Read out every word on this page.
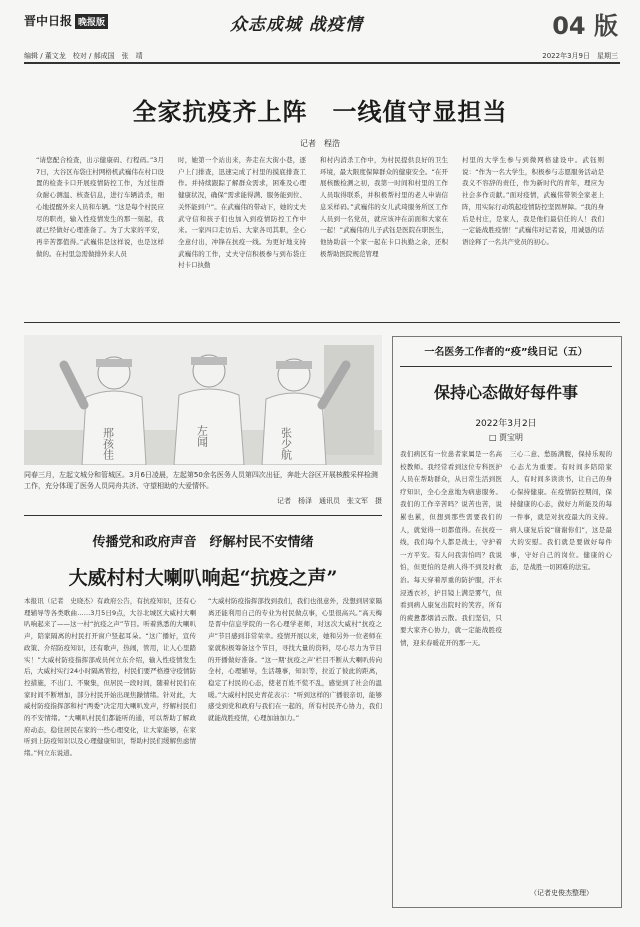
晋中日报 晚报版	众志成城 战疫情	04 版
编辑 / 董文龙　校对 / 郝成国　张　靖	2022年3月9日　星期三
全家抗疫齐上阵　一线值守显担当
记者　程浩
“请您配合检查，出示健康码、行程码。”3月7日，大谷区布袋庄村网格机武巍伟在村口设置的检查卡口开展疫情防控工作，为过往群众耐心测温、核查信息，进行车辆消杀，细心地提醒外来人员和车辆。“这是每个村民应尽的职责，输入性疫情发生的那一刻起，我就已经做好心理准备了。为了大家的平安，再辛苦都值得。”武巍伟是这样说，也是这样做的。在村里急需做排外来人员
时，她第一个站出来，奔走在大街小巷，逐户上门排查，迅速完成了村里的摸底排查工作。并持续跟踪了解群众需求，困难及心理健康状况，确保“需求能得满、服务能到位、关怀能到户”。在武巍伟的带动下，她的丈夫武守信和孩子们也加入到疫情防控工作中来。一家四口走访后、大家各司其职，全心全意付出，冲锋在抗疫一线。为更好地支持武巍伟的工作，丈夫守信积极参与到布袋庄村卡口执勤
和村内消杀工作中，为村民提供良好的卫生环境，最大限度保障群众的健康安全。“在开展核酸检测之初，我第一时间和村里的工作人员取得联系，并积极帮村里的老人申请信息采样码。”武巍伟的女儿武琦服务所区工作人员到一名党员，就应该冲在前面和大家在一起！”武巍伟的儿子武钰是医院在职医生，他协助前一个家一起在卡口执勤之余，还积极帮助医院规范管理
村里的大学生参与到微网格建设中。武钰则说：“作为一名大学生，积极参与志愿服务活动是我义不容辞的责任，作为新时代的青年，理应为社会多作贡献。”面对疫情，武巍伟带领全家老上阵，用实际行动筑起疫情防控坚固屏障。“我的身后是村庄，是家人，我是他们最信任的人！我们一定能战胜疫情！”武巍伟对记者说，用诚恳的话语诠释了一名共产党员的初心。
邢孩佳	左闻	张少航
同春三月，左起文城分和管城区。3月6日凌晨，左起第50余名医务人员第四次出征，奔赴大谷区开展核酸采样检测工作，充分体现了医务人员同舟共济、守望相助的大爱情怀。
记者　杨泽　通讯员　张文军　摄
传播党和政府声音　纾解村民不安情绪
大威村村大喇叭响起“抗疫之声”
本报讯（记者　史晓杰）有政府公告，有抗疫知识，还有心理辅导等各类歌曲……3月5日9点，大谷北城区大威村大喇叭响起来了——这一村“抗疫之声”节目。听着熟悉的大喇叭声，陪家隔离的村民打开窗户竖起耳朵。“这广播好，宣传政策、介绍防疫知识，还有歌声，热闹，管用，让人心里踏实！”大威村防疫指挥部成员何立东介绍，输入性疫情发生后，大威村实行24小时隔离管控，村民们要严格遵守疫情防控措施，不出门、不聚集，但居民一段时间，随着村民们在家时间不断增加，部分村民开始出现焦躁情绪。针对此，大威村防疫指挥部和村“两委”决定用大喇叭发声，纾解村民们的不安情绪。“大喇叭村民们都能听的通，可以帮助了解政府动态，稳住居民在家的一些心理变化，让大家能够，在家听到上防疫知识以及心理健康知识，帮助村民们缓解焦虑情绪。”何立东说道。
“大威村防疫指挥部找到我们，我们也很意外，没想到居家隔离还能利用自己的专业为村民做点事，心里很高兴。”高天梅是晋中信息学院的一名心理学老师，对这次大威村“抗疫之声”节目感到非常荣幸。疫情开展以来，她和另外一位老师在家就积极筹备这个节目，寻找大量的资料，尽心尽力为节目的开播做好准备。“这一期‘抗疫之声’栏目不断从大喇叭传向全村，心理辅导，生活趣事，知识等，拉近了彼此的距离，稳定了村民的心态，使老百姓不慌不乱，感觉到了社会的温暖。”大威村村民史青花表示：“听到这样的广播很亲切，能够感受到党和政府与我们在一起的，所有村民齐心协力，我们就能战胜疫情，心理加油加力。”
一名医务工作者的“疫”线日记（五）
保持心态做好每件事
2022年3月2日
□ 贾宝明
我们病区有一位患者家属是一名高校教师。我经常看到这位专科医护人员在帮助群众，从日常生活到医疗知识，全心全意地为病患服务。我们的工作辛苦吗？说苦也苦，说累也累，但想到那些需要我们的人，就觉得一切都值得。在抗疫一线，我们每个人都是战士，守护着一方平安。有人问我害怕吗？我说怕，但更怕的是病人得不到及时救治。每天穿着厚重的防护服，汗水浸透衣衫，护目镜上满是雾气，但看到病人康复出院时的笑容，所有的疲惫都烟消云散。我们坚信，只要大家齐心协力，就一定能战胜疫情，迎来春暖花开的那一天。
三心二意、愁肠满腹，保持乐观的心态尤为重要。有时间多陪陪家人，有时间多读读书，让自己的身心保持健康。在疫情防控期间，保持健康的心态，做好力所能及的每一件事，就是对抗疫最大的支持。病人康复后说“谢谢你们”，这是最大的安慰。我们就是要做好每件事，守好自己的岗位。健康的心态，是战胜一切困难的法宝。
（记者史俊杰整理）
